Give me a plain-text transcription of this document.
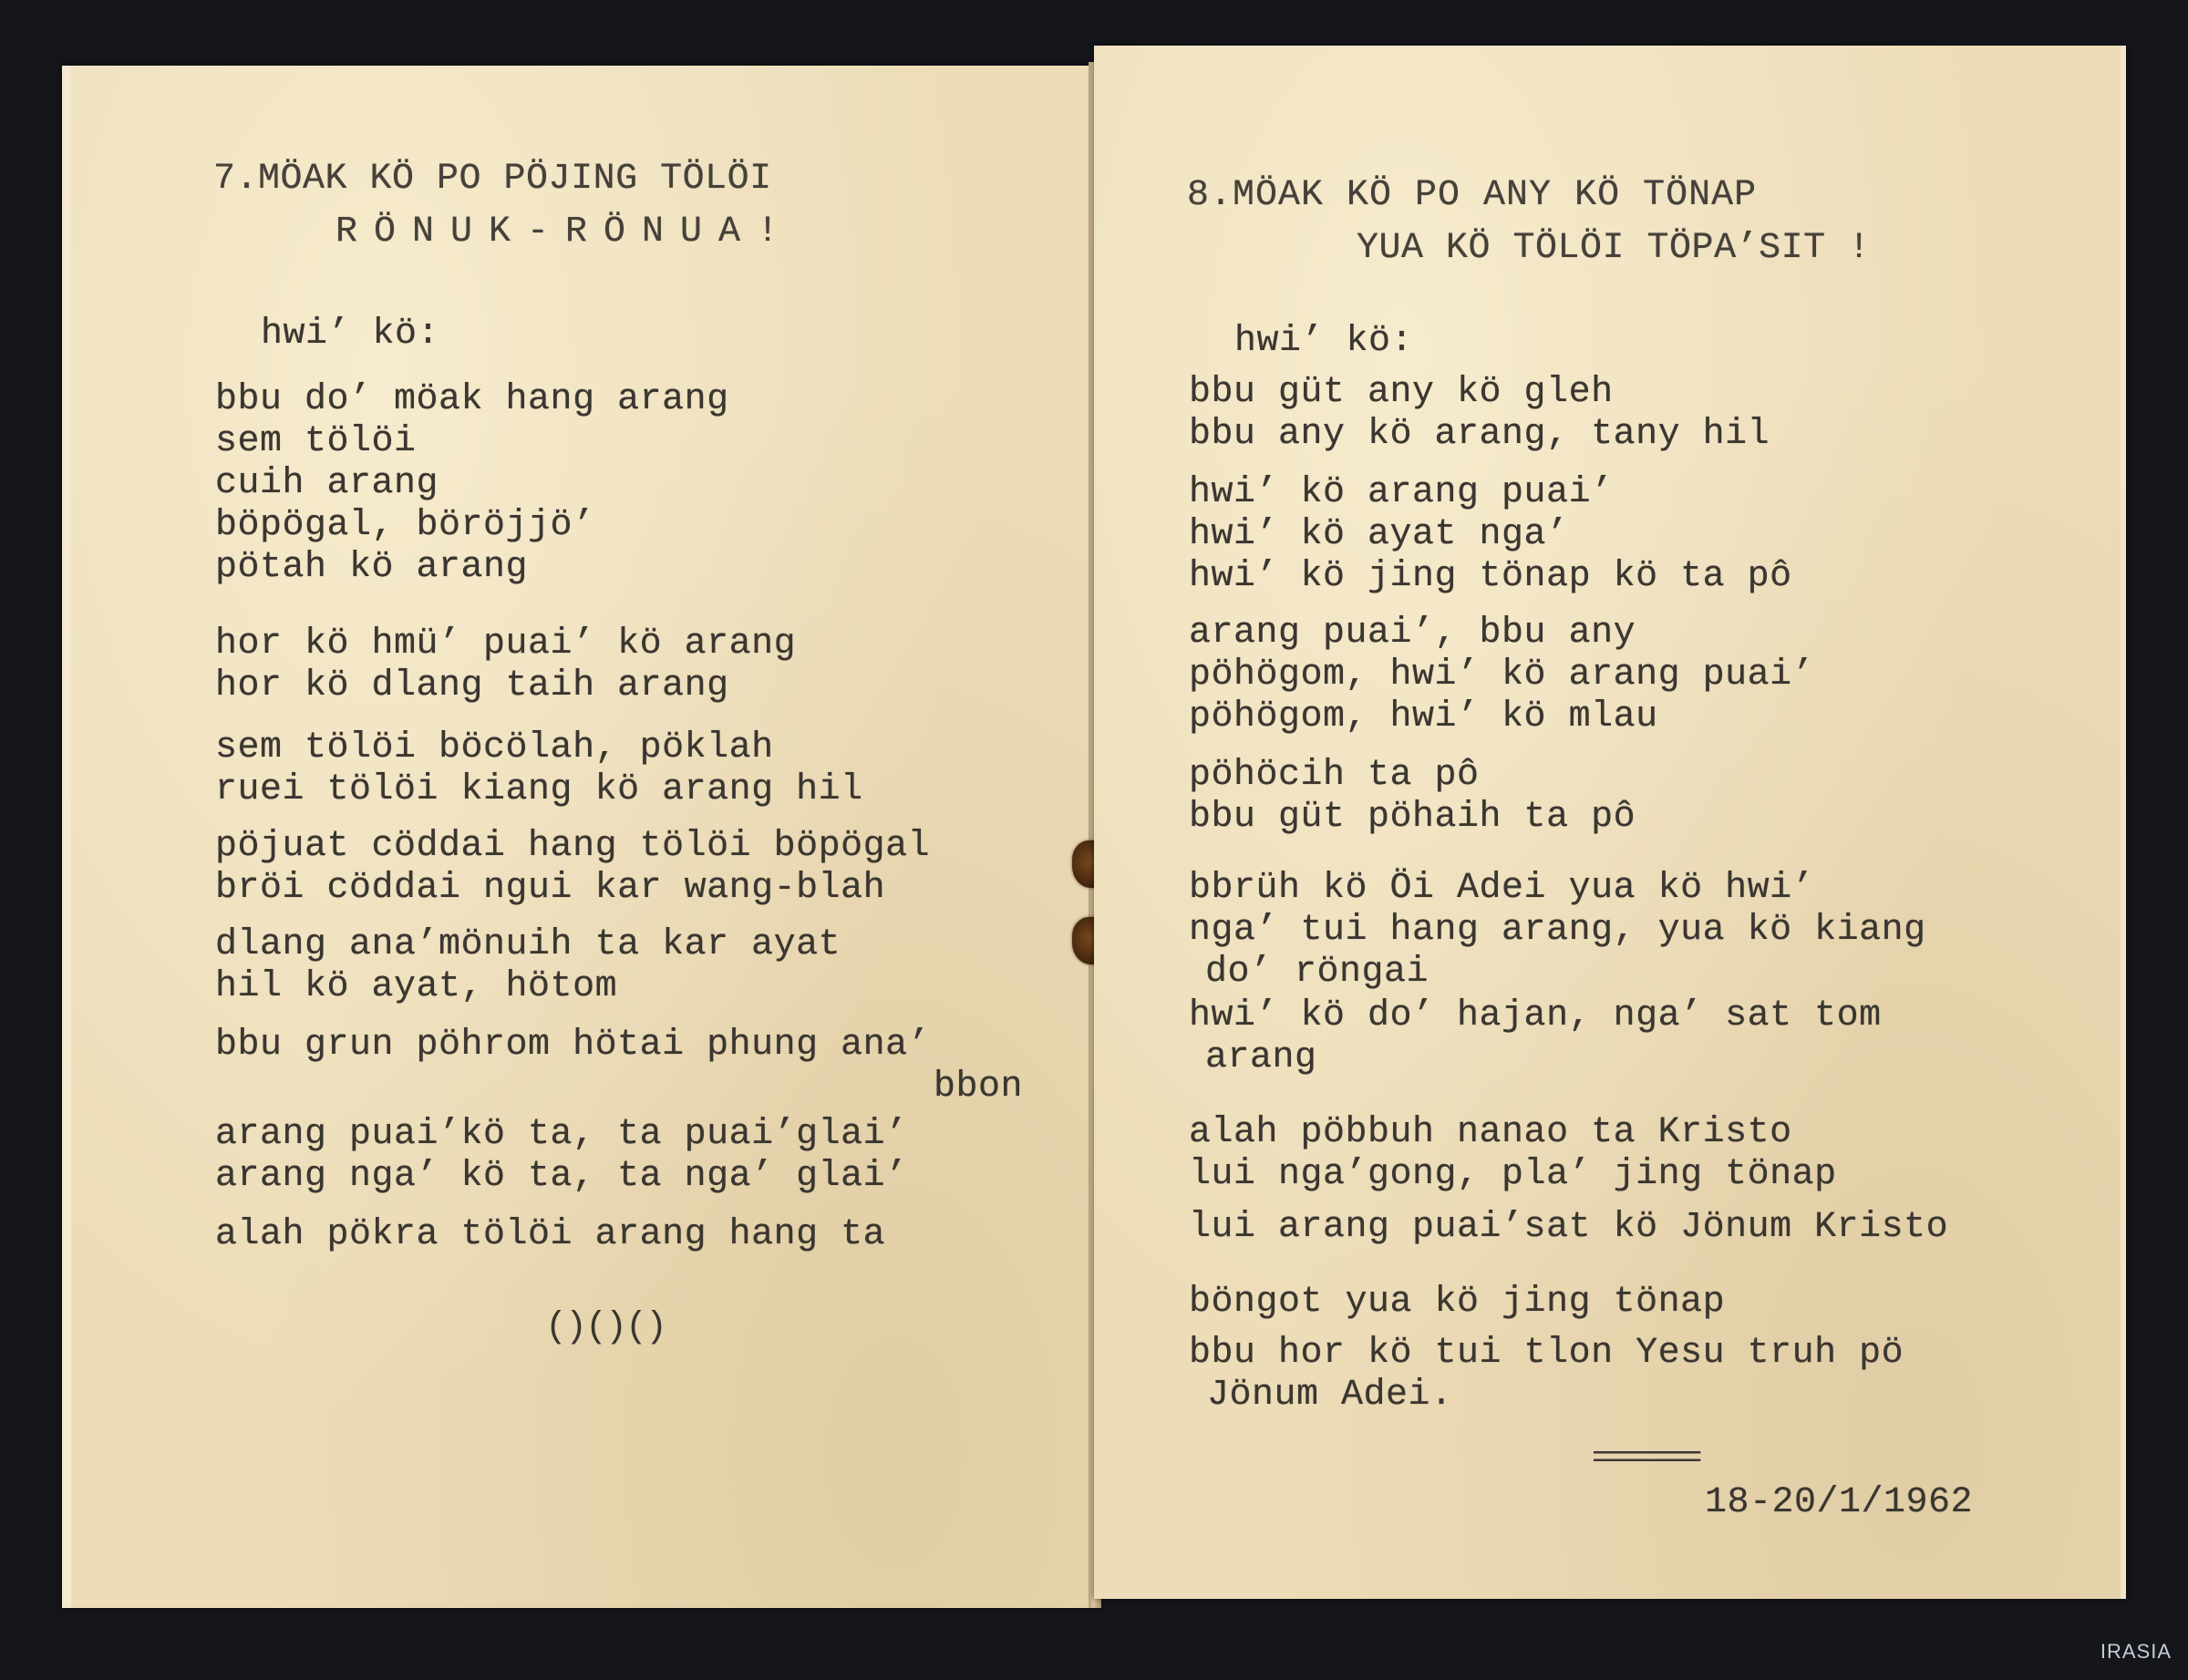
7.MÖAK KÖ PO PÖJING TÖLÖI
RÖNUK-RÖNUA!
hwi’ kö:
bbu do’ möak hang arang
sem tölöi
cuih arang
böpögal, böröjjö’
pötah kö arang
hor kö hmü’ puai’ kö arang
hor kö dlang taih arang
sem tölöi böcölah, pöklah
ruei tölöi kiang kö arang hil
pöjuat cöddai hang tölöi böpögal
bröi cöddai ngui kar wang-blah
dlang ana’mönuih ta kar ayat
hil kö ayat, hötom
bbu grun pöhrom hötai phung ana’
bbon
arang puai’kö ta, ta puai’glai’
arang nga’ kö ta, ta nga’ glai’
alah pökra tölöi arang hang ta
()()()
8.MÖAK KÖ PO ANY KÖ TÖNAP
YUA KÖ TÖLÖI TÖPA’SIT !
hwi’ kö:
bbu güt any kö gleh
bbu any kö arang, tany hil
hwi’ kö arang puai’
hwi’ kö ayat nga’
hwi’ kö jing tönap kö ta pô
arang puai’, bbu any
pöhögom, hwi’ kö arang puai’
pöhögom, hwi’ kö mlau
pöhöcih ta pô
bbu güt pöhaih ta pô
bbrüh kö Öi Adei yua kö hwi’
nga’ tui hang arang, yua kö kiang
do’ röngai
hwi’ kö do’ hajan, nga’ sat tom
arang
alah pöbbuh nanao ta Kristo
lui nga’gong, pla’ jing tönap
lui arang puai’sat kö Jönum Kristo
böngot yua kö jing tönap
bbu hor kö tui tlon Yesu truh pö
Jönum Adei.
========
18-20/1/1962
IRASIA
